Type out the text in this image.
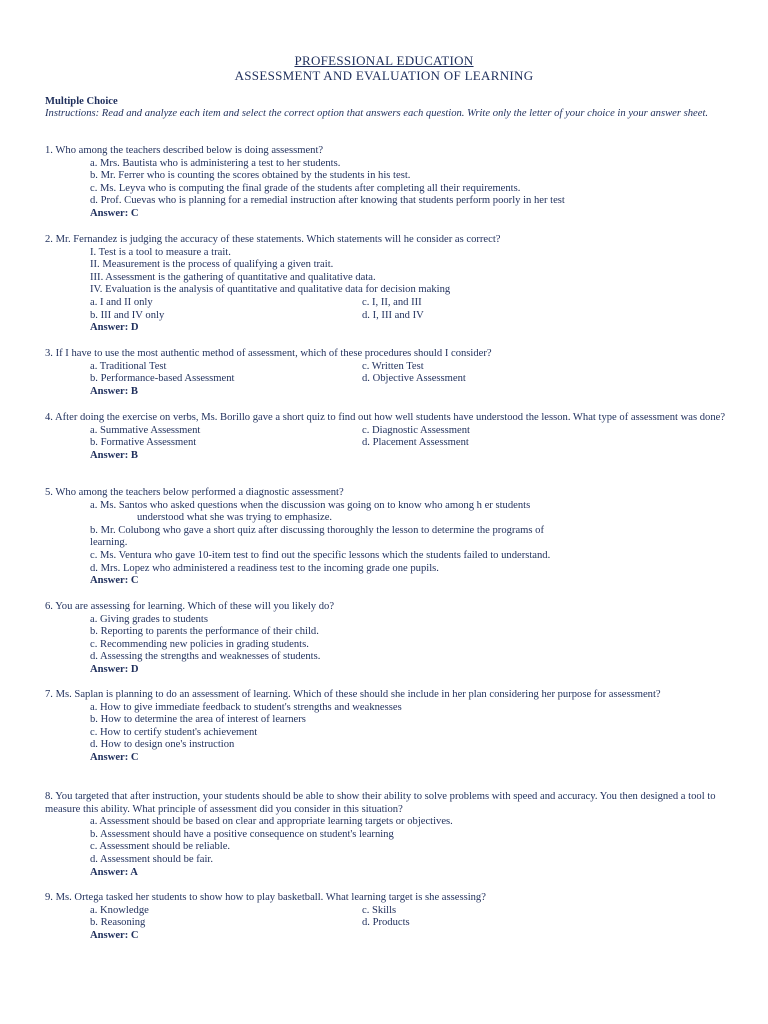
PROFESSIONAL EDUCATION
ASSESSMENT AND EVALUATION OF LEARNING
Multiple Choice
Instructions: Read and analyze each item and select the correct option that answers each question. Write only the letter of your choice in your answer sheet.
1. Who among the teachers described below is doing assessment?
a. Mrs. Bautista who is administering a test to her students.
b. Mr. Ferrer who is counting the scores obtained by the students in his test.
c. Ms. Leyva who is computing the final grade of the students after completing all their requirements.
d. Prof. Cuevas who is planning for a remedial instruction after knowing that students perform poorly in her test
Answer: C
2. Mr. Fernandez is judging the accuracy of these statements. Which statements will he consider as correct?
I. Test is a tool to measure a trait.
II. Measurement is the process of qualifying a given trait.
III. Assessment is the gathering of quantitative and qualitative data.
IV. Evaluation is the analysis of quantitative and qualitative data for decision making
a. I and II only	c. I, II, and III
b. III and IV only	d. I, III and IV
Answer: D
3. If I have to use the most authentic method of assessment, which of these procedures should I consider?
a. Traditional Test	c. Written Test
b. Performance-based Assessment	d. Objective Assessment
Answer: B
4. After doing the exercise on verbs, Ms. Borillo gave a short quiz to find out how well students have understood the lesson. What type of assessment was done?
a. Summative Assessment	c. Diagnostic Assessment
b. Formative Assessment	d. Placement Assessment
Answer: B
5. Who among the teachers below performed a diagnostic assessment?
a. Ms. Santos who asked questions when the discussion was going on to know who among h er students
understood what she was trying to emphasize.
b. Mr. Colubong who gave a short quiz after discussing thoroughly the lesson to determine the programs of
learning.
c. Ms. Ventura who gave 10-item test to find out the specific lessons which the students failed to understand.
d. Mrs. Lopez who administered a readiness test to the incoming grade one pupils.
Answer: C
6. You are assessing for learning. Which of these will you likely do?
a. Giving grades to students
b. Reporting to parents the performance of their child.
c. Recommending new policies in grading students.
d. Assessing the strengths and weaknesses of students.
Answer: D
7. Ms. Saplan is planning to do an assessment of learning. Which of these should she include in her plan considering her purpose for assessment?
a. How to give immediate feedback to student's strengths and weaknesses
b. How to determine the area of interest of learners
c. How to certify student's achievement
d. How to design one's instruction
Answer: C
8. You targeted that after instruction, your students should be able to show their ability to solve problems with speed and accuracy. You then designed a tool to measure this ability. What principle of assessment did you consider in this situation?
a. Assessment should be based on clear and appropriate learning targets or objectives.
b. Assessment should have a positive consequence on student's learning
c. Assessment should be reliable.
d. Assessment should be fair.
Answer: A
9. Ms. Ortega tasked her students to show how to play basketball. What learning target is she assessing?
a. Knowledge	c. Skills
b. Reasoning	d. Products
Answer: C
